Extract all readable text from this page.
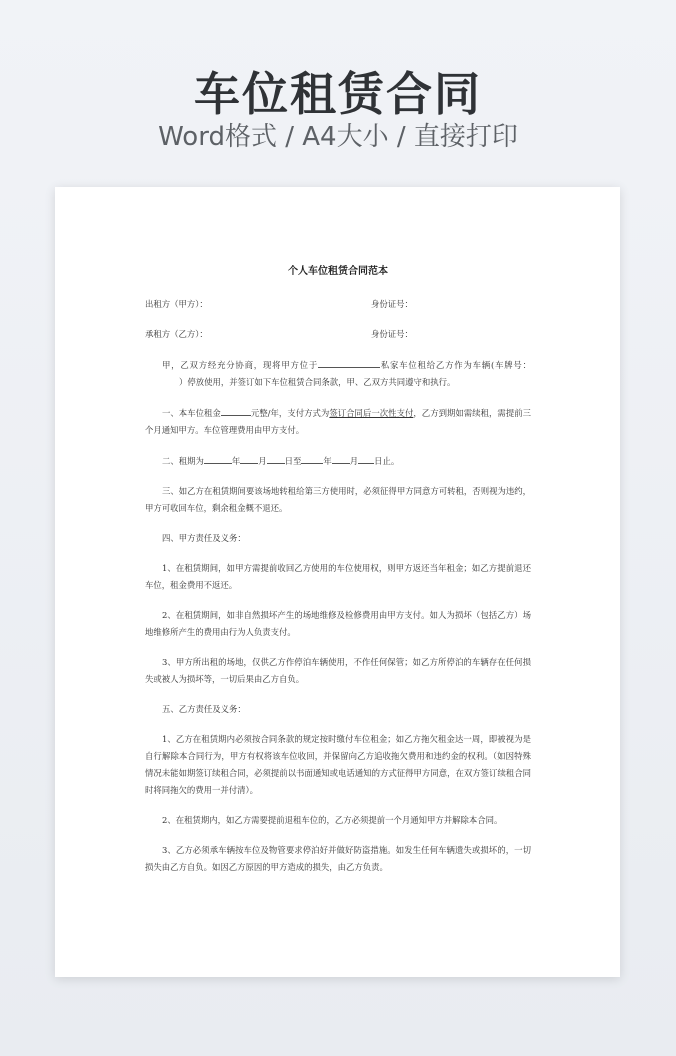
车位租赁合同
Word格式 / A4大小 / 直接打印
个人车位租赁合同范本
出租方（甲方）：	身份证号：
承租方（乙方）：	身份证号：

甲，乙双方经充分协商，现将甲方位于	私家车位租给乙方作为车辆(车牌号：）停放使用，并签订如下车位租赁合同条款，甲、乙双方共同遵守和执行。

一、本车位租金	元整/年，支付方式为签订合同后一次性支付，乙方到期如需续租，需提前三个月通知甲方。车位管理费用由甲方支付。

二、租期为	年 月 日至	年 月 日止。

三、如乙方在租赁期间要该场地转租给第三方使用时，必须征得甲方同意方可转租，否则视为违约，甲方可收回车位，剩余租金概不退还。

四、甲方责任及义务：

1、在租赁期间，如甲方需提前收回乙方使用的车位使用权，则甲方返还当年租金；如乙方提前退还车位，租金费用不返还。

2、在租赁期间，如非自然损坏产生的场地维修及检修费用由甲方支付。如人为损坏（包括乙方）场地维修所产生的费用由行为人负责支付。

3、甲方所出租的场地，仅供乙方作停泊车辆使用，不作任何保管；如乙方所停泊的车辆存在任何损失或被人为损坏等，一切后果由乙方自负。

五、乙方责任及义务：

1、乙方在租赁期内必须按合同条款的规定按时缴付车位租金；如乙方拖欠租金达一周，即被视为是自行解除本合同行为，甲方有权将该车位收回，并保留向乙方追收拖欠费用和违约金的权利。（如因特殊情况未能如期签订续租合同，必须提前以书面通知或电话通知的方式征得甲方同意，在双方签订续租合同时将同拖欠的费用一并付清）。

2、在租赁期内，如乙方需要提前退租车位的，乙方必须提前一个月通知甲方并解除本合同。

3、乙方必须承车辆按车位及物管要求停泊好并做好防盗措施。如发生任何车辆遗失或损坏的，一切损失由乙方自负。如因乙方原因的甲方造成的损失，由乙方负责。
